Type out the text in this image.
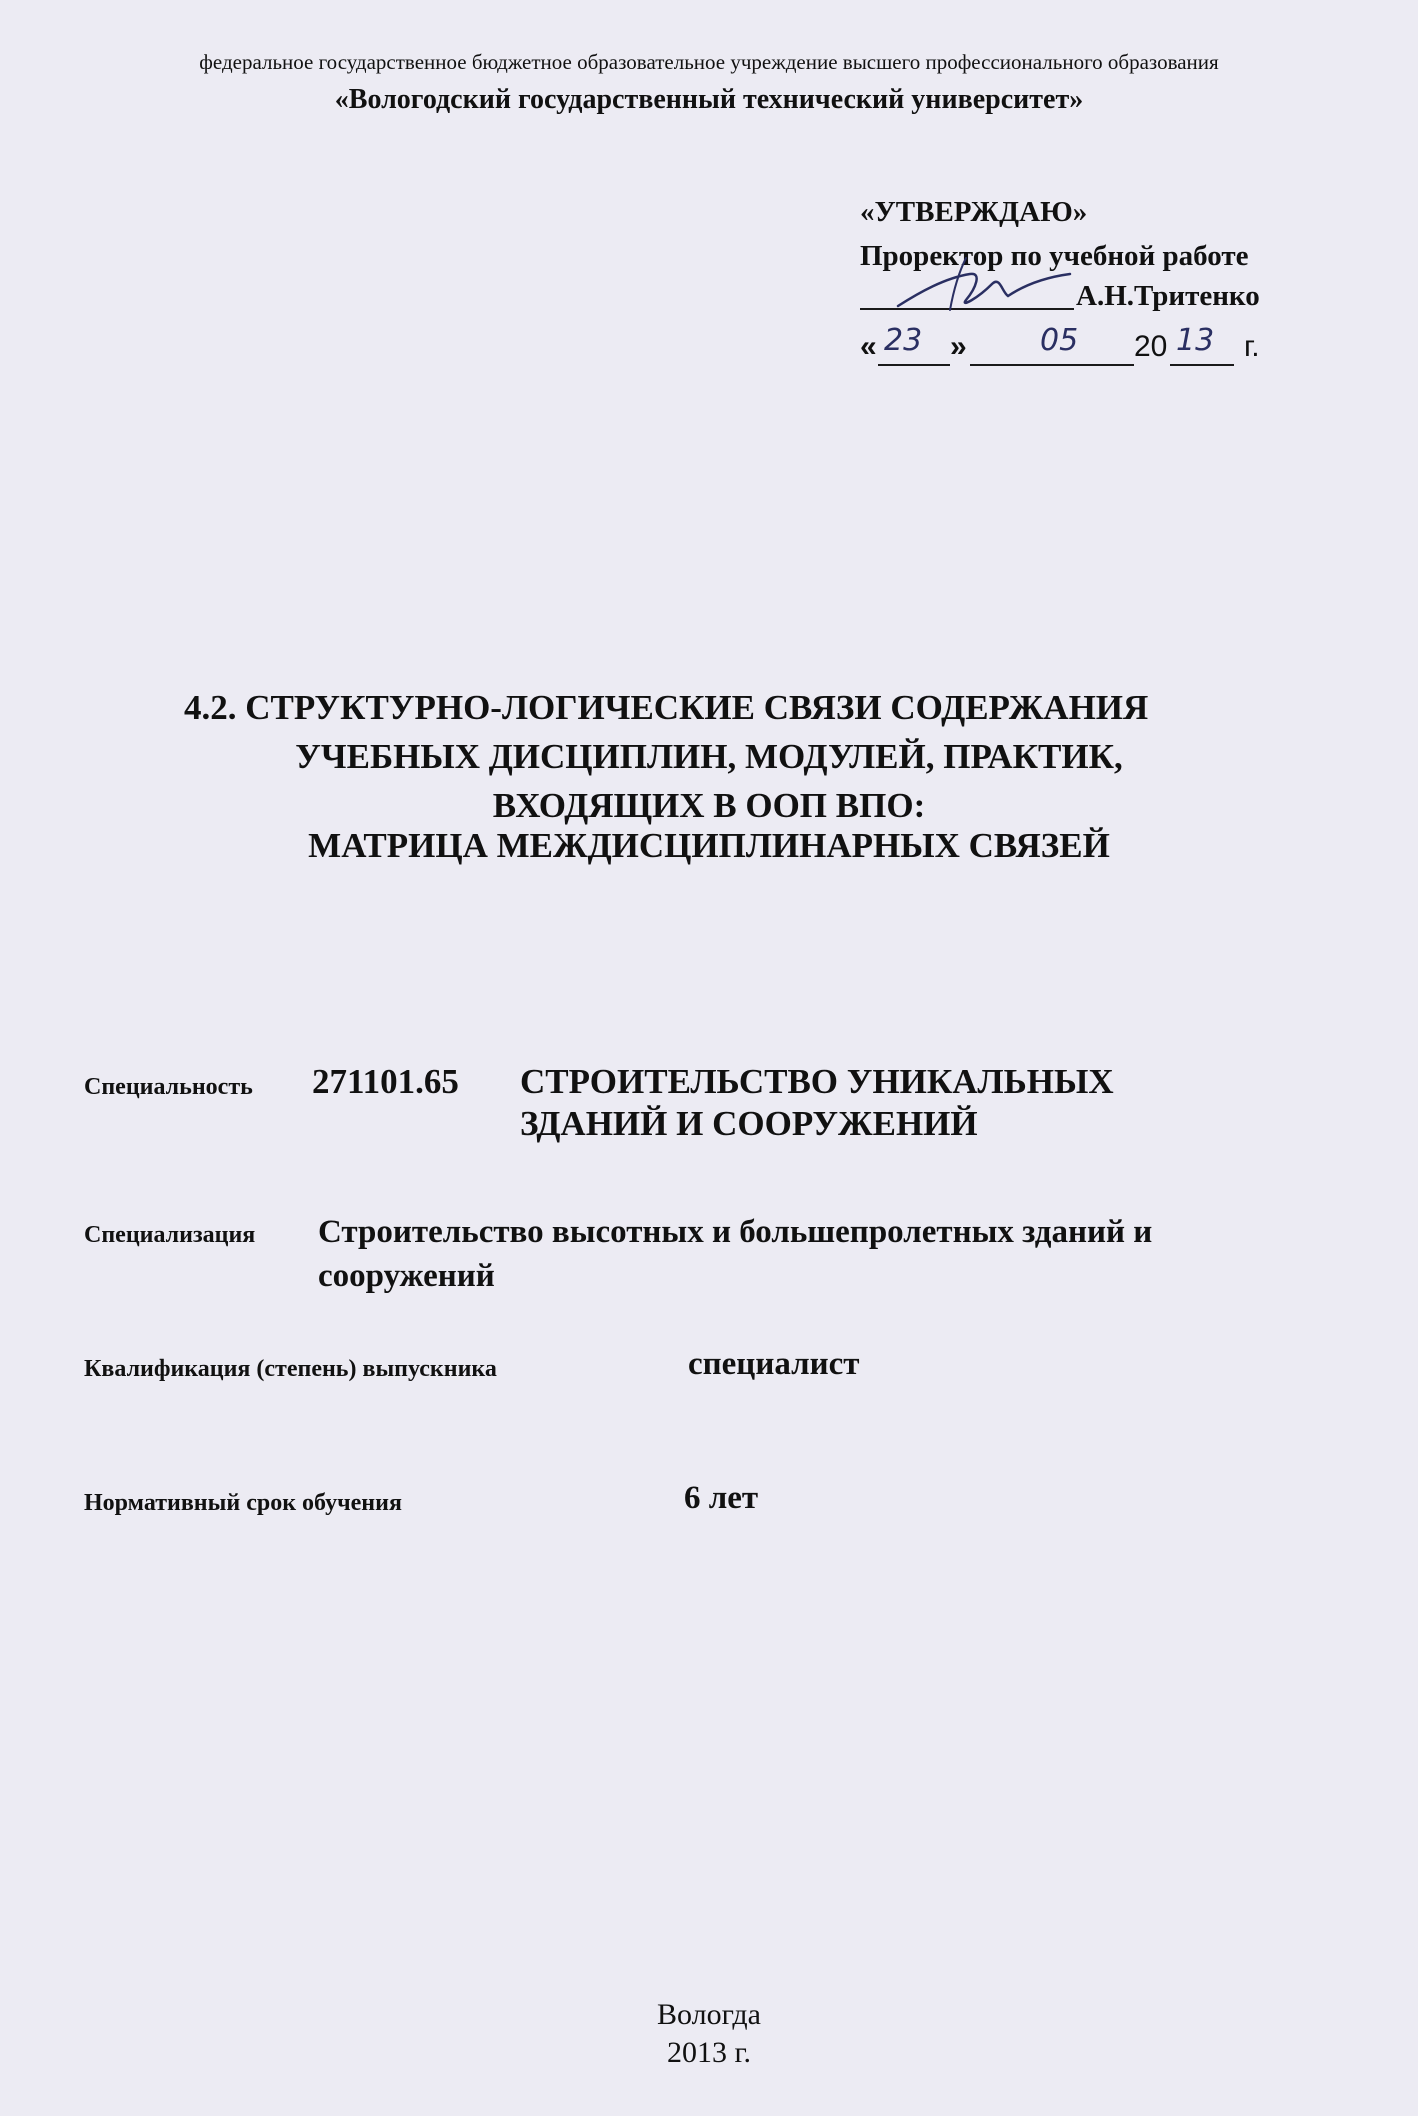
федеральное государственное бюджетное образовательное учреждение высшего профессионального образования
«Вологодский государственный технический университет»
«УТВЕРЖДАЮ»
Проректор по учебной работе
А.Н.Тритенко
« 23 » 05 20 13 г.
4.2. СТРУКТУРНО-ЛОГИЧЕСКИЕ СВЯЗИ СОДЕРЖАНИЯ
УЧЕБНЫХ ДИСЦИПЛИН, МОДУЛЕЙ, ПРАКТИК,
ВХОДЯЩИХ В ООП ВПО:
МАТРИЦА МЕЖДИСЦИПЛИНАРНЫХ СВЯЗЕЙ
Специальность 271101.65 СТРОИТЕЛЬСТВО УНИКАЛЬНЫХ
ЗДАНИЙ И СООРУЖЕНИЙ
Специализация Строительство высотных и большепролетных зданий и
сооружений
Квалификация (степень) выпускника	специалист
Нормативный срок обучения	6 лет
Вологда
2013 г.
